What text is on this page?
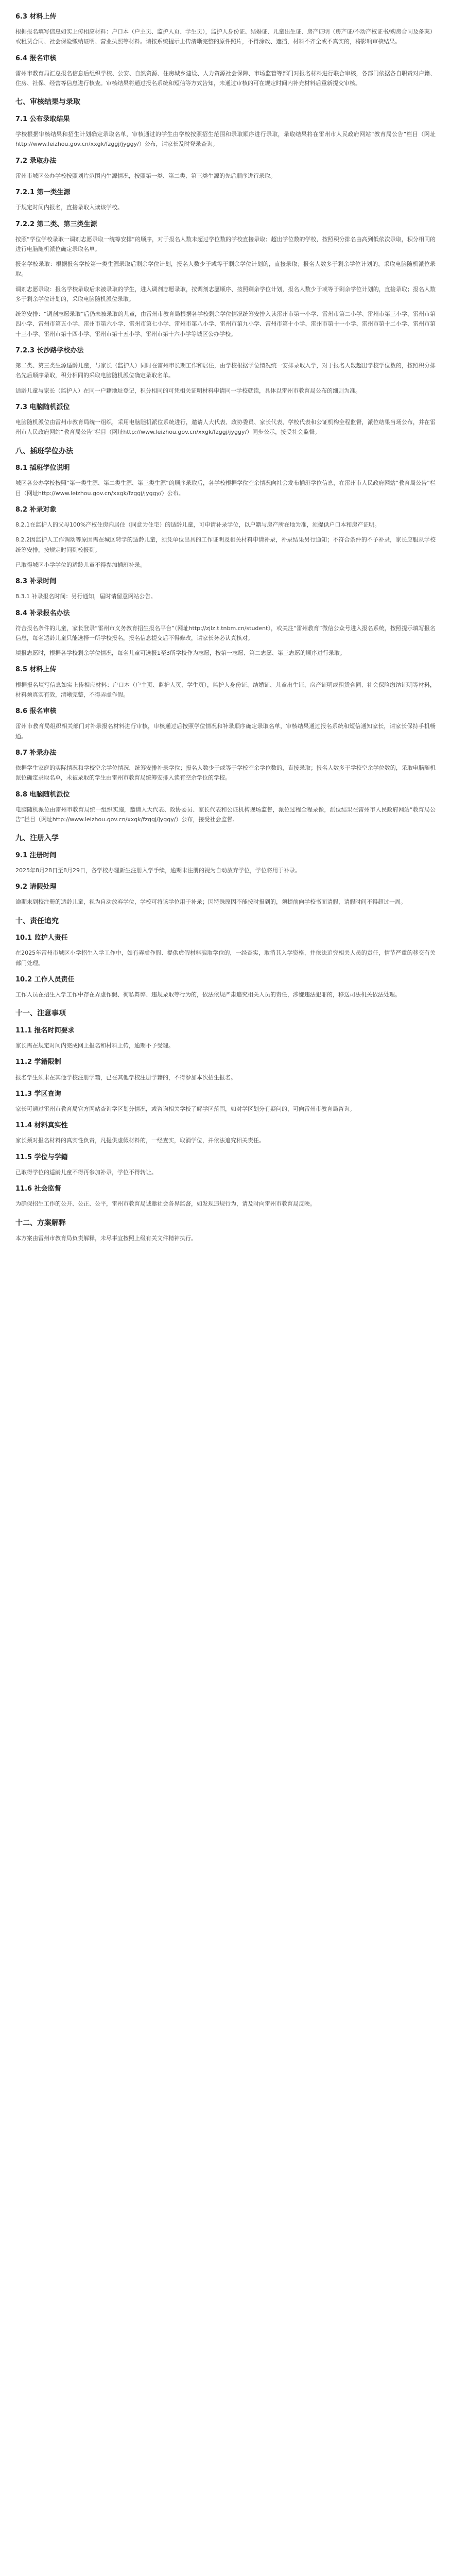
6.3 材料上传
根据报名填写信息如实上传相应材料：户口本（户主页、监护人页、学生页），监护人身份证、结婚证、儿童出生证、房产证明（房产证/不动产权证书/购房合同及备案）或租赁合同、社会保险缴纳证明、营业执照等材料。请按系统提示上传清晰完整的原件照片，不得涂改、遮挡，材料不齐全或不真实的，将影响审核结果。
6.4 报名审核
雷州市教育局汇总报名信息后组织学校、公安、自然资源、住房城乡建设、人力资源社会保障、市场监管等部门对报名材料进行联合审核，各部门依据各自职责对户籍、住房、社保、经营等信息进行核查。审核结果将通过报名系统和短信等方式告知，未通过审核的可在规定时间内补充材料后重新提交审核。
七、审核结果与录取
7.1 公布录取结果
学校根据审核结果和招生计划确定录取名单，审核通过的学生由学校按照招生范围和录取顺序进行录取，录取结果将在雷州市人民政府网站“教育局公告”栏目（网址http://www.leizhou.gov.cn/xxgk/fzggj/jyggy/）公布，请家长及时登录查询。
7.2 录取办法
雷州市城区公办学校按照划片范围内生源情况，按照第一类、第二类、第三类生源的先后顺序进行录取。
7.2.1 第一类生源
于规定时间内报名，直接录取入读该学校。
7.2.2 第二类、第三类生源
按照“学位学校录取一调剂志愿录取一统筹安排”的顺序，对于报名人数未超过学位数的学校直接录取；超出学位数的学校，按照积分排名由高到低依次录取，积分相同的进行电脑随机派位确定录取名单。
报名学校录取：根据报名学校第一类生源录取后剩余学位计划，报名人数少于或等于剩余学位计划的，直接录取；报名人数多于剩余学位计划的，采取电脑随机派位录取。
调剂志愿录取：报名学校录取后未被录取的学生，进入调剂志愿录取，按调剂志愿顺序、按照剩余学位计划，报名人数少于或等于剩余学位计划的，直接录取；报名人数多于剩余学位计划的，采取电脑随机派位录取。
统筹安排：“调剂志愿录取”后仍未被录取的儿童，由雷州市教育局根据各学校剩余学位情况统筹安排入读雷州市第一小学、雷州市第二小学、雷州市第三小学、雷州市第四小学、雷州市第五小学、雷州市第六小学、雷州市第七小学、雷州市第八小学、雷州市第九小学、雷州市第十小学、雷州市第十一小学、雷州市第十二小学、雷州市第十三小学、雷州市第十四小学、雷州市第十五小学、雷州市第十六小学等城区公办学校。
7.2.3 长沙路学校办法
第二类、第三类生源适龄儿童，与家长（监护人）同时在雷州市长期工作和居住，由学校根据学位情况统一安排录取入学，对于报名人数超出学校学位数的，按照积分排名先后顺序录取，积分相同的采取电脑随机派位确定录取名单。
适龄儿童与家长（监护人）在同一户籍地址登记，积分相同的可凭相关证明材料申请同一学校就读，具体以雷州市教育局公布的细则为准。
7.3 电脑随机派位
电脑随机派位由雷州市教育局统一组织，采用电脑随机派位系统进行，邀请人大代表、政协委员、家长代表、学校代表和公证机构全程监督，派位结果当场公布，并在雷州市人民政府网站“教育局公告”栏目（网址http://www.leizhou.gov.cn/xxgk/fzggj/jyggy/）同步公示，接受社会监督。
八、插班学位办法
8.1 插班学位说明
城区各公办学校按照“第一类生源、第二类生源、第三类生源”的顺序录取后，各学校根据学位空余情况向社会发布插班学位信息，在雷州市人民政府网站“教育局公告”栏目（网址http://www.leizhou.gov.cn/xxgk/fzggj/jyggy/）公布。
8.2 补录对象
8.2.1在监护人的父母100%产权住房内居住（同意为住宅）的适龄儿童，可申请补录学位，以户籍与房产所在地为准，须提供户口本和房产证明。
8.2.2因监护人工作调动等原因需在城区转学的适龄儿童，须凭单位出具的工作证明及相关材料申请补录，补录结果另行通知；不符合条件的不予补录，家长应服从学校统筹安排，按规定时间到校报到。
已取得城区小学学位的适龄儿童不得参加插班补录。
8.3 补录时间
8.3.1 补录报名时间：另行通知，届时请留意网站公告。
8.4 补录报名办法
符合报名条件的儿童，家长登录“雷州市义务教育招生报名平台”（网址http://zjlz.t.tnbm.cn/student），或关注“雷州教育”微信公众号进入报名系统，按照提示填写报名信息，每名适龄儿童只能选择一所学校报名，报名信息提交后不得修改，请家长务必认真核对。
填报志愿时，根据各学校剩余学位情况，每名儿童可选报1至3所学校作为志愿，按第一志愿、第二志愿、第三志愿的顺序进行录取。
8.5 材料上传
根据报名填写信息如实上传相应材料：户口本（户主页、监护人页、学生页），监护人身份证、结婚证、儿童出生证、房产证明或租赁合同、社会保险缴纳证明等材料，材料须真实有效，清晰完整，不得弄虚作假。
8.6 报名审核
雷州市教育局组织相关部门对补录报名材料进行审核，审核通过后按照学位情况和补录顺序确定录取名单，审核结果通过报名系统和短信通知家长，请家长保持手机畅通。
8.7 补录办法
依据学生家庭的实际情况和学校空余学位情况，统筹安排补录学位；报名人数少于或等于学校空余学位数的，直接录取；报名人数多于学校空余学位数的，采取电脑随机派位确定录取名单，未被录取的学生由雷州市教育局统筹安排入读有空余学位的学校。
8.8 电脑随机派位
电脑随机派位由雷州市教育局统一组织实施，邀请人大代表、政协委员、家长代表和公证机构现场监督，派位过程全程录像，派位结果在雷州市人民政府网站“教育局公告”栏目（网址http://www.leizhou.gov.cn/xxgk/fzggj/jyggy/）公布，接受社会监督。
九、注册入学
9.1 注册时间
2025年8月28日至8月29日，各学校办理新生注册入学手续，逾期未注册的视为自动放弃学位，学位将用于补录。
9.2 请假处理
逾期未到校注册的适龄儿童，视为自动放弃学位，学校可将该学位用于补录；因特殊原因不能按时报到的，须提前向学校书面请假，请假时间不得超过一周。
十、责任追究
10.1 监护人责任
在2025年雷州市城区小学招生入学工作中，如有弄虚作假、提供虚假材料骗取学位的，一经查实，取消其入学资格，并依法追究相关人员的责任，情节严重的移交有关部门处理。
10.2 工作人员责任
工作人员在招生入学工作中存在弄虚作假、徇私舞弊、违规录取等行为的，依法依规严肃追究相关人员的责任，涉嫌违法犯罪的，移送司法机关依法处理。
十一、注意事项
11.1 报名时间要求
家长需在规定时间内完成网上报名和材料上传，逾期不予受理。
11.2 学籍限制
报名学生须未在其他学校注册学籍，已在其他学校注册学籍的，不得参加本次招生报名。
11.3 学区查询
家长可通过雷州市教育局官方网站查询学区划分情况，或咨询相关学校了解学区范围，如对学区划分有疑问的，可向雷州市教育局咨询。
11.4 材料真实性
家长须对报名材料的真实性负责，凡提供虚假材料的，一经查实，取消学位，并依法追究相关责任。
11.5 学位与学籍
已取得学位的适龄儿童不得再参加补录，学位不得转让。
11.6 社会监督
为确保招生工作的公开、公正、公平，雷州市教育局诚邀社会各界监督，如发现违规行为，请及时向雷州市教育局反映。
十二、方案解释
本方案由雷州市教育局负责解释，未尽事宜按照上级有关文件精神执行。
